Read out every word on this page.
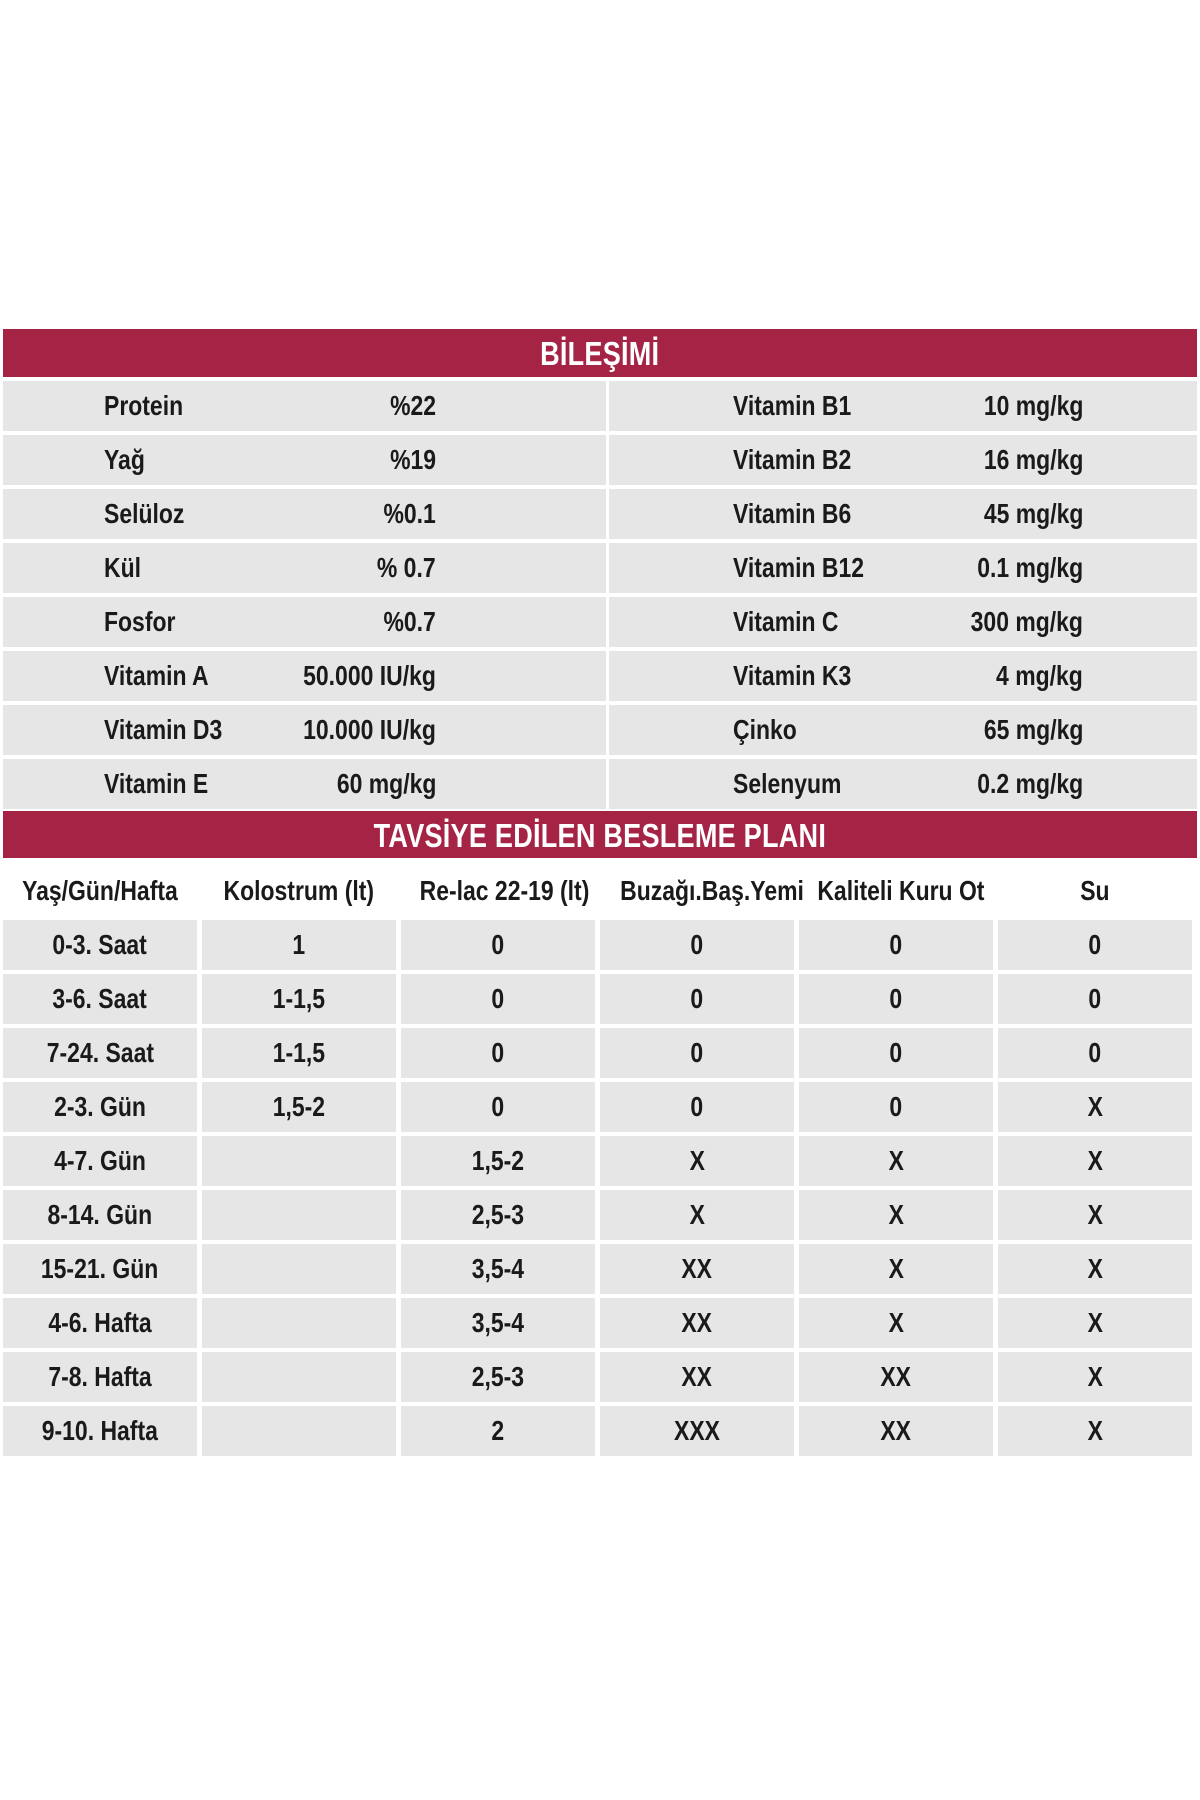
BİLEŞİMİ
Protein	%22	Vitamin B1	10 mg/kg
Yağ	%19	Vitamin B2	16 mg/kg
Selüloz	%0.1	Vitamin B6	45 mg/kg
Kül	% 0.7	Vitamin B12	0.1 mg/kg
Fosfor	%0.7	Vitamin C	300 mg/kg
Vitamin A	50.000 IU/kg	Vitamin K3	4 mg/kg
Vitamin D3	10.000 IU/kg	Çinko	65 mg/kg
Vitamin E	60 mg/kg	Selenyum	0.2 mg/kg
TAVSİYE EDİLEN BESLEME PLANI
Yaş/Gün/Hafta	Kolostrum (lt)	Re-lac 22-19 (lt)	Buzağı.Baş.Yemi	Kaliteli Kuru Ot	Su
0-3. Saat	1	0	0	0	0
3-6. Saat	1-1,5	0	0	0	0
7-24. Saat	1-1,5	0	0	0	0
2-3. Gün	1,5-2	0	0	0	X
4-7. Gün		1,5-2	X	X	X
8-14. Gün		2,5-3	X	X	X
15-21. Gün		3,5-4	XX	X	X
4-6. Hafta		3,5-4	XX	X	X
7-8. Hafta		2,5-3	XX	XX	X
9-10. Hafta		2	XXX	XX	X
